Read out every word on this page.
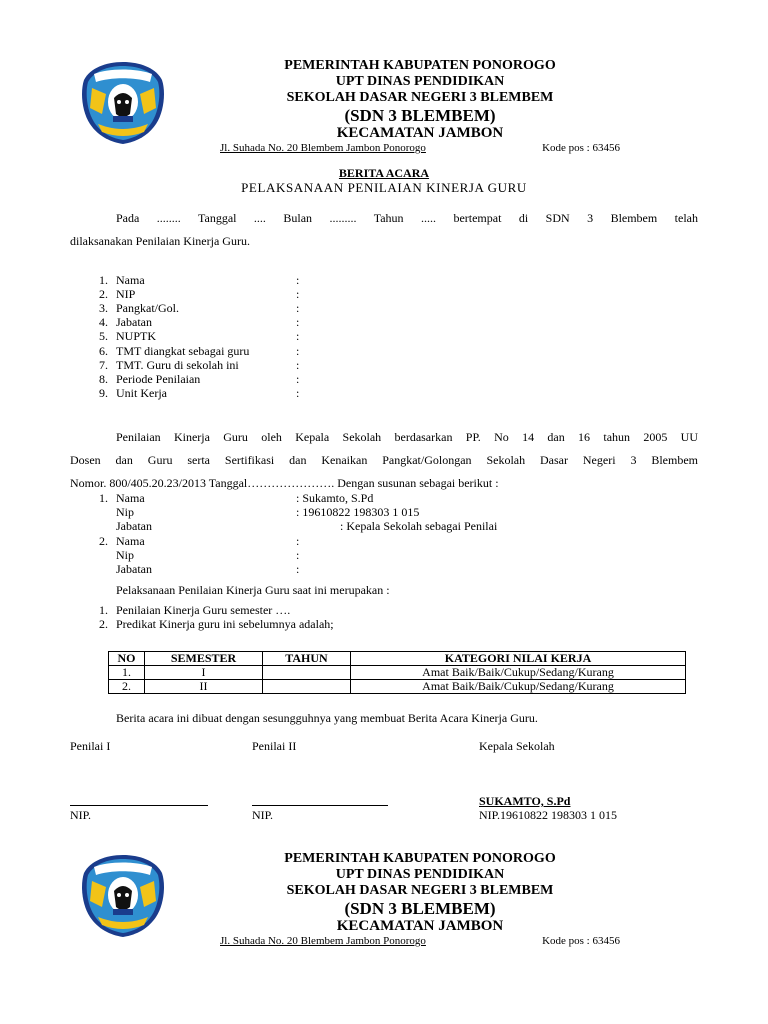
PEMERINTAH KABUPATEN PONOROGO
UPT DINAS PENDIDIKAN
SEKOLAH DASAR NEGERI 3 BLEMBEM
(SDN 3 BLEMBEM)
KECAMATAN JAMBON
Jl. Suhada No. 20 Blembem Jambon Ponorogo	Kode pos : 63456
BERITA ACARA
PELAKSANAAN PENILAIAN KINERJA GURU
Pada ........ Tanggal .... Bulan ......... Tahun ..... bertempat di SDN 3 Blembem telah
dilaksanakan Penilaian Kinerja Guru.
1. Nama	:
2. NIP	:
3. Pangkat/Gol.	:
4. Jabatan	:
5. NUPTK	:
6. TMT diangkat sebagai guru	:
7. TMT. Guru di sekolah ini	:
8. Periode Penilaian	:
9. Unit Kerja	:
Penilaian Kinerja Guru oleh Kepala Sekolah berdasarkan PP. No 14 dan 16 tahun 2005 UU
Dosen dan Guru serta Sertifikasi dan Kenaikan Pangkat/Golongan Sekolah Dasar Negeri 3 Blembem
Nomor. 800/405.20.23/2013 Tanggal…………………. Dengan susunan sebagai berikut :
1. Nama	: Sukamto, S.Pd
Nip	: 19610822 198303 1 015
Jabatan	: Kepala Sekolah sebagai Penilai
2. Nama	:
Nip	:
Jabatan	:
Pelaksanaan Penilaian Kinerja Guru saat ini merupakan :
1. Penilaian Kinerja Guru semester ….
2. Predikat Kinerja guru ini sebelumnya adalah;
NO	SEMESTER	TAHUN	KATEGORI NILAI KERJA
1.	I		Amat Baik/Baik/Cukup/Sedang/Kurang
2.	II		Amat Baik/Baik/Cukup/Sedang/Kurang
Berita acara ini dibuat dengan sesungguhnya yang membuat Berita Acara Kinerja Guru.
Penilai I	Penilai II	Kepala Sekolah
SUKAMTO, S.Pd
NIP.	NIP.	NIP.19610822 198303 1 015
PEMERINTAH KABUPATEN PONOROGO
UPT DINAS PENDIDIKAN
SEKOLAH DASAR NEGERI 3 BLEMBEM
(SDN 3 BLEMBEM)
KECAMATAN JAMBON
Jl. Suhada No. 20 Blembem Jambon Ponorogo	Kode pos : 63456
